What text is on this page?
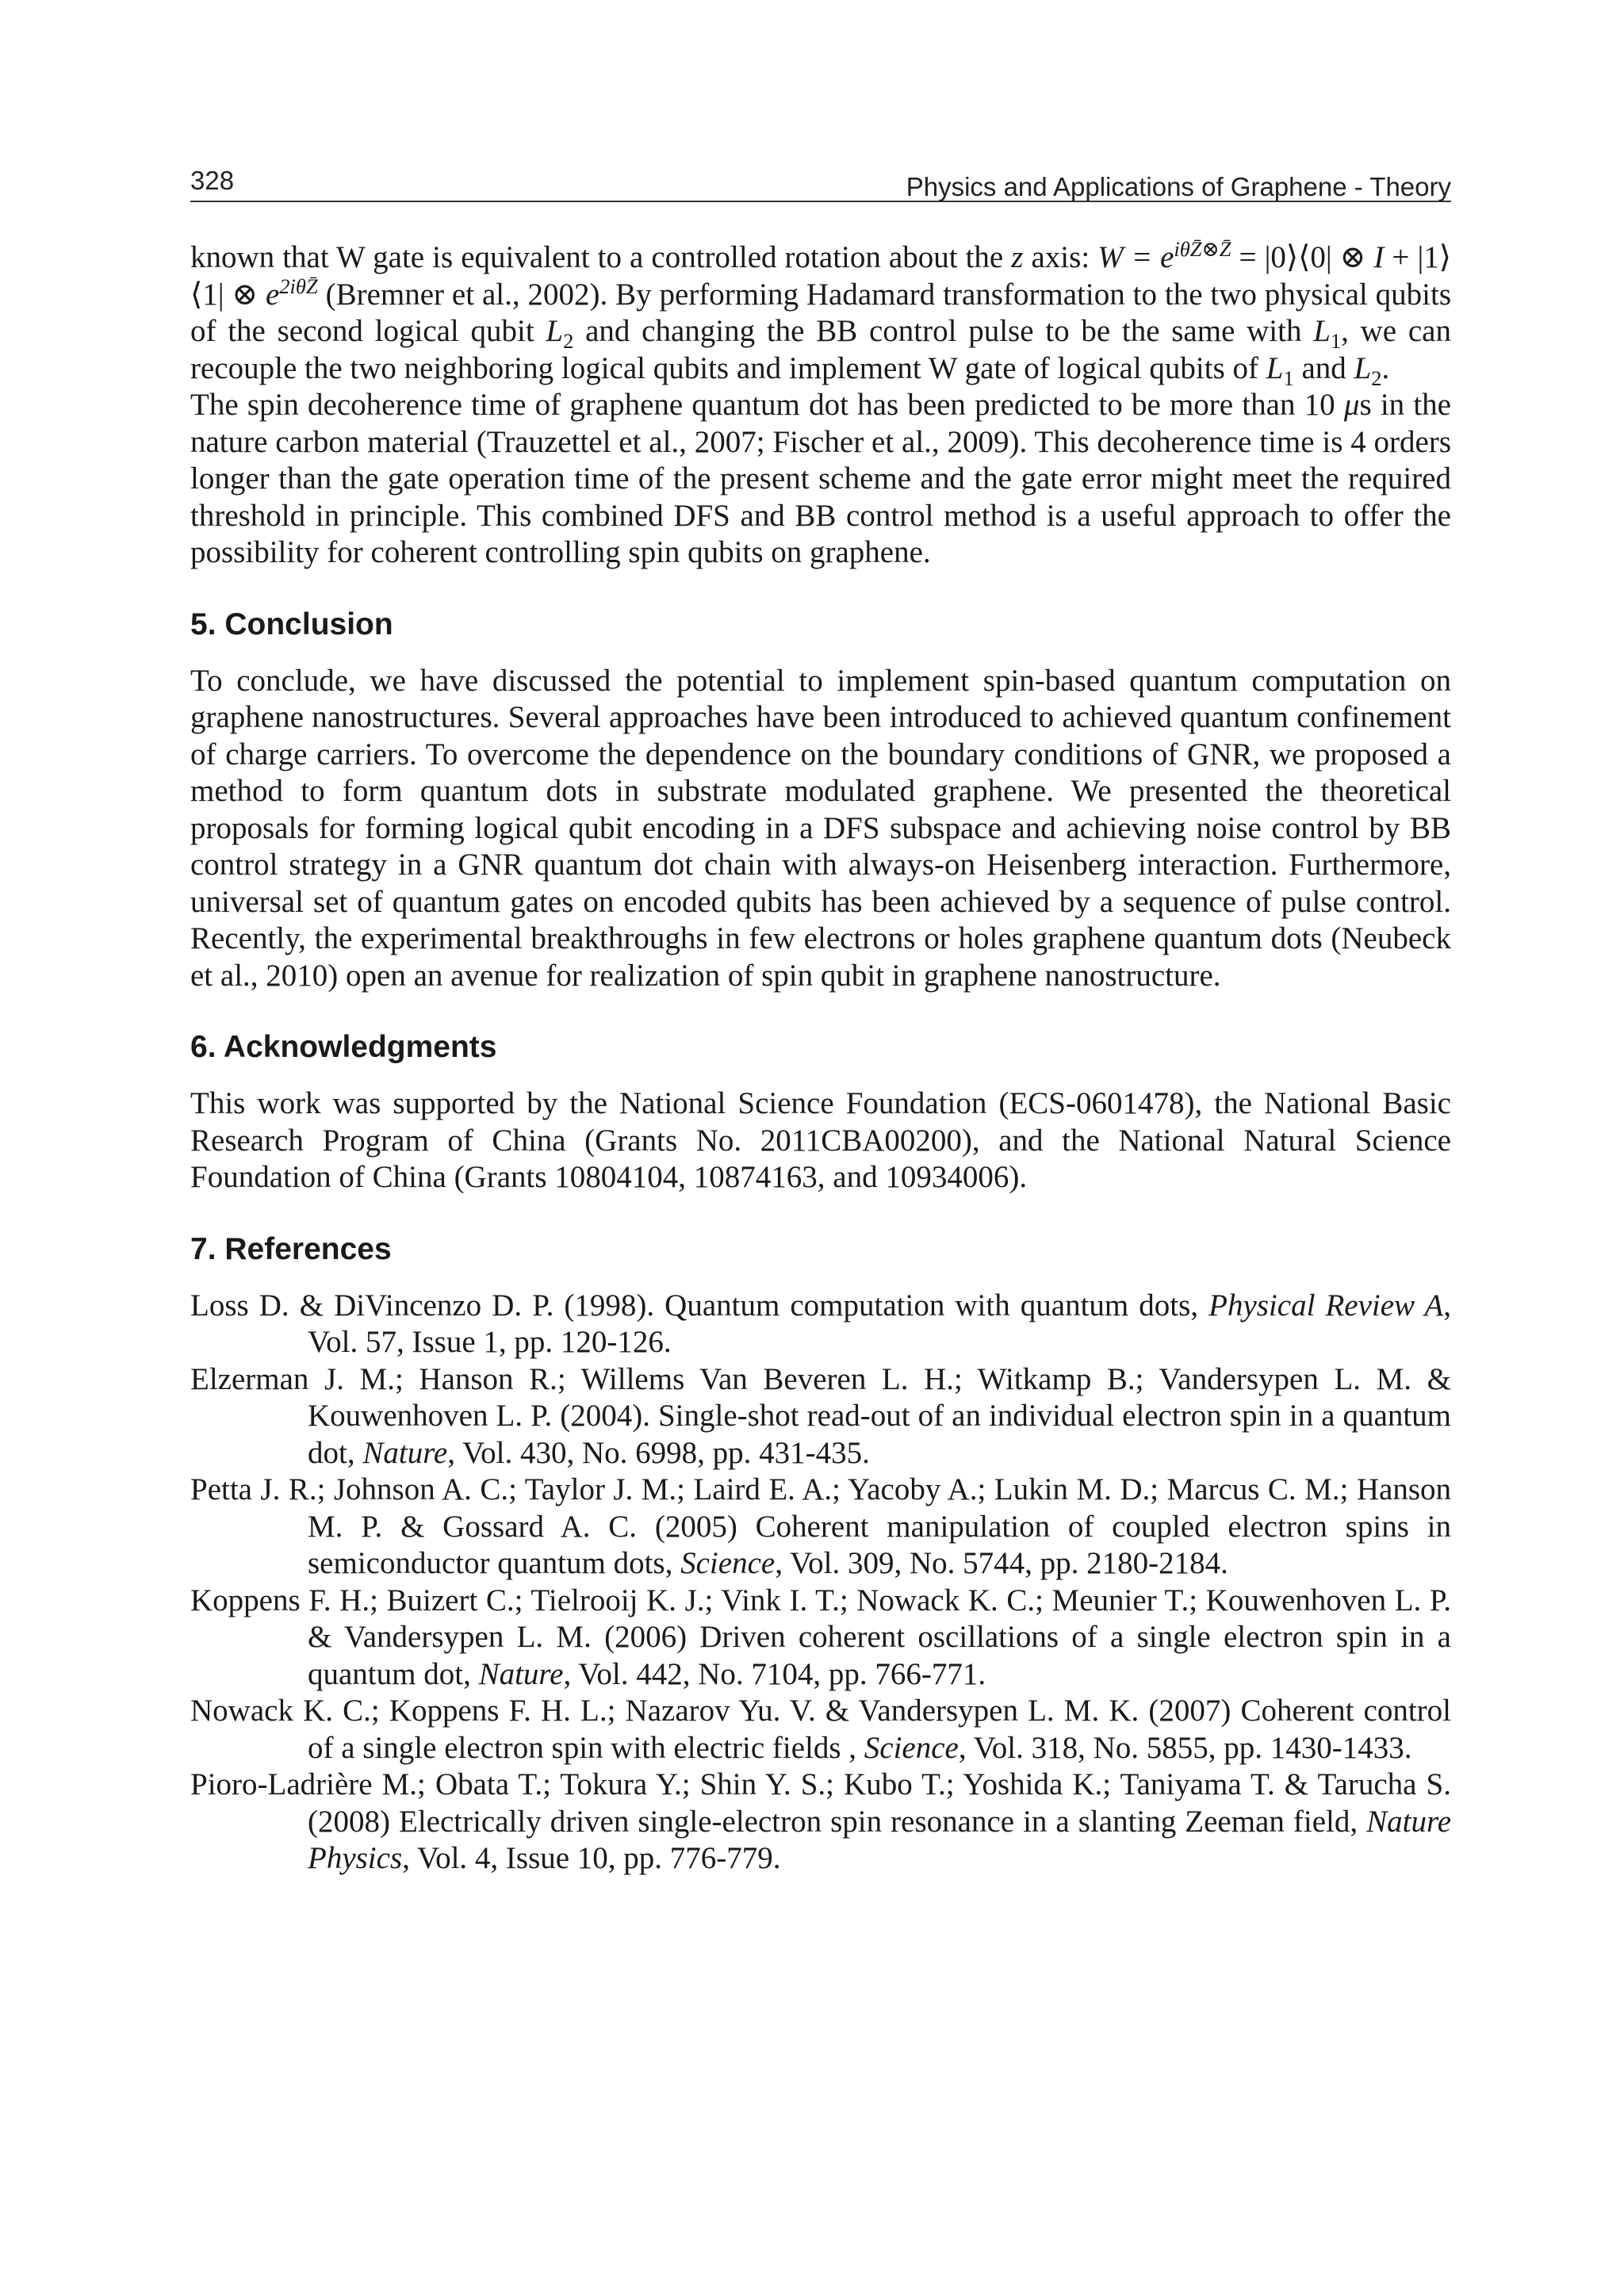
328	Physics and Applications of Graphene - Theory

known that W gate is equivalent to a controlled rotation about the z axis: $W = e^{i\theta Z̄\otimes Z̄}$ = |0⟩⟨0| ⊗ I + |1⟩⟨1| ⊗ $e^{2i\theta Z̄}$ (Bremner et al., 2002). By performing Hadamard transformation to the two physical qubits of the second logical qubit $L_2$ and changing the BB control pulse to be the same with $L_1$, we can recouple the two neighboring logical qubits and implement W gate of logical qubits of $L_1$ and $L_2$.

The spin decoherence time of graphene quantum dot has been predicted to be more than 10 μs in the nature carbon material (Trauzettel et al., 2007; Fischer et al., 2009). This decoherence time is 4 orders longer than the gate operation time of the present scheme and the gate error might meet the required threshold in principle. This combined DFS and BB control method is a useful approach to offer the possibility for coherent controlling spin qubits on graphene.

5. Conclusion

To conclude, we have discussed the potential to implement spin-based quantum computation on graphene nanostructures. Several approaches have been introduced to achieved quantum confinement of charge carriers. To overcome the dependence on the boundary conditions of GNR, we proposed a method to form quantum dots in substrate modulated graphene. We presented the theoretical proposals for forming logical qubit encoding in a DFS subspace and achieving noise control by BB control strategy in a GNR quantum dot chain with always-on Heisenberg interaction. Furthermore, universal set of quantum gates on encoded qubits has been achieved by a sequence of pulse control. Recently, the experimental breakthroughs in few electrons or holes graphene quantum dots (Neubeck et al., 2010) open an avenue for realization of spin qubit in graphene nanostructure.

6. Acknowledgments

This work was supported by the National Science Foundation (ECS-0601478), the National Basic Research Program of China (Grants No. 2011CBA00200), and the National Natural Science Foundation of China (Grants 10804104, 10874163, and 10934006).

7. References
Loss D. & DiVincenzo D. P. (1998). Quantum computation with quantum dots, Physical Review A, Vol. 57, Issue 1, pp. 120-126.
Elzerman J. M.; Hanson R.; Willems Van Beveren L. H.; Witkamp B.; Vandersypen L. M. & Kouwenhoven L. P. (2004). Single-shot read-out of an individual electron spin in a quantum dot, Nature, Vol. 430, No. 6998, pp. 431-435.
Petta J. R.; Johnson A. C.; Taylor J. M.; Laird E. A.; Yacoby A.; Lukin M. D.; Marcus C. M.; Hanson M. P. & Gossard A. C. (2005) Coherent manipulation of coupled electron spins in semiconductor quantum dots, Science, Vol. 309, No. 5744, pp. 2180-2184.
Koppens F. H.; Buizert C.; Tielrooij K. J.; Vink I. T.; Nowack K. C.; Meunier T.; Kouwenhoven L. P. & Vandersypen L. M. (2006) Driven coherent oscillations of a single electron spin in a quantum dot, Nature, Vol. 442, No. 7104, pp. 766-771.
Nowack K. C.; Koppens F. H. L.; Nazarov Yu. V. & Vandersypen L. M. K. (2007) Coherent control of a single electron spin with electric fields , Science, Vol. 318, No. 5855, pp. 1430-1433.
Pioro-Ladrière M.; Obata T.; Tokura Y.; Shin Y. S.; Kubo T.; Yoshida K.; Taniyama T. & Tarucha S. (2008) Electrically driven single-electron spin resonance in a slanting Zeeman field, Nature Physics, Vol. 4, Issue 10, pp. 776-779.
